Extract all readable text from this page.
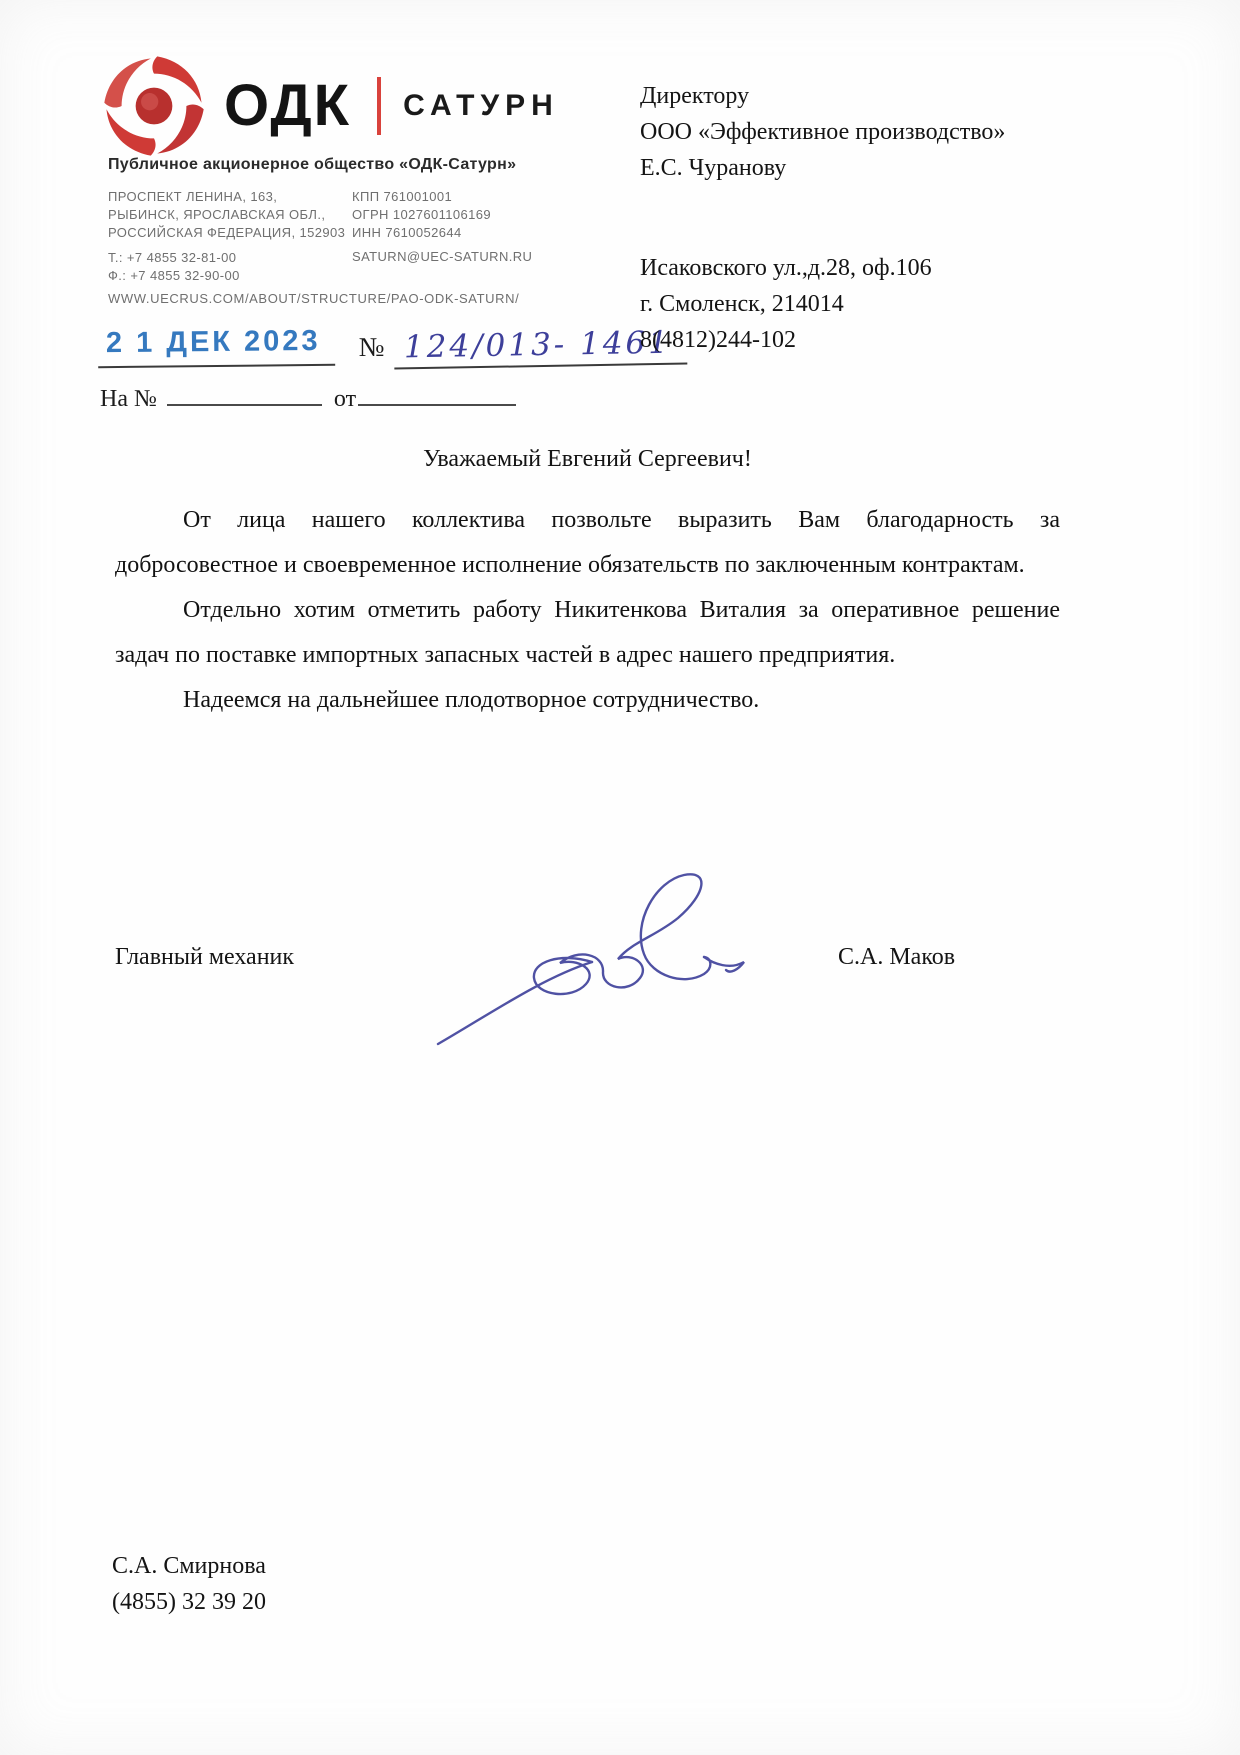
ОДК САТУРН
Публичное акционерное общество «ОДК-Сатурн»
ПРОСПЕКТ ЛЕНИНА, 163,
РЫБИНСК, ЯРОСЛАВСКАЯ ОБЛ.,
РОССИЙСКАЯ ФЕДЕРАЦИЯ, 152903
КПП 761001001
ОГРН 1027601106169
ИНН 7610052644
Т.: +7 4855 32-81-00
Ф.: +7 4855 32-90-00
SATURN@UEC-SATURN.RU
WWW.UECRUS.COM/ABOUT/STRUCTURE/PAO-ODK-SATURN/
2 1 ДЕК 2023	№ 124/013- 1461
На №	от
Директору
ООО «Эффективное производство»
Е.С. Чуранову
Исаковского ул.,д.28, оф.106
г. Смоленск, 214014
8(4812)244-102
Уважаемый Евгений Сергеевич!

От лица нашего коллектива позвольте выразить Вам благодарность за добросовестное и своевременное исполнение обязательств по заключенным контрактам.

Отдельно хотим отметить работу Никитенкова Виталия за оперативное решение задач по поставке импортных запасных частей в адрес нашего предприятия.

Надеемся на дальнейшее плодотворное сотрудничество.

Главный механик	С.А. Маков
С.А. Смирнова
(4855) 32 39 20
